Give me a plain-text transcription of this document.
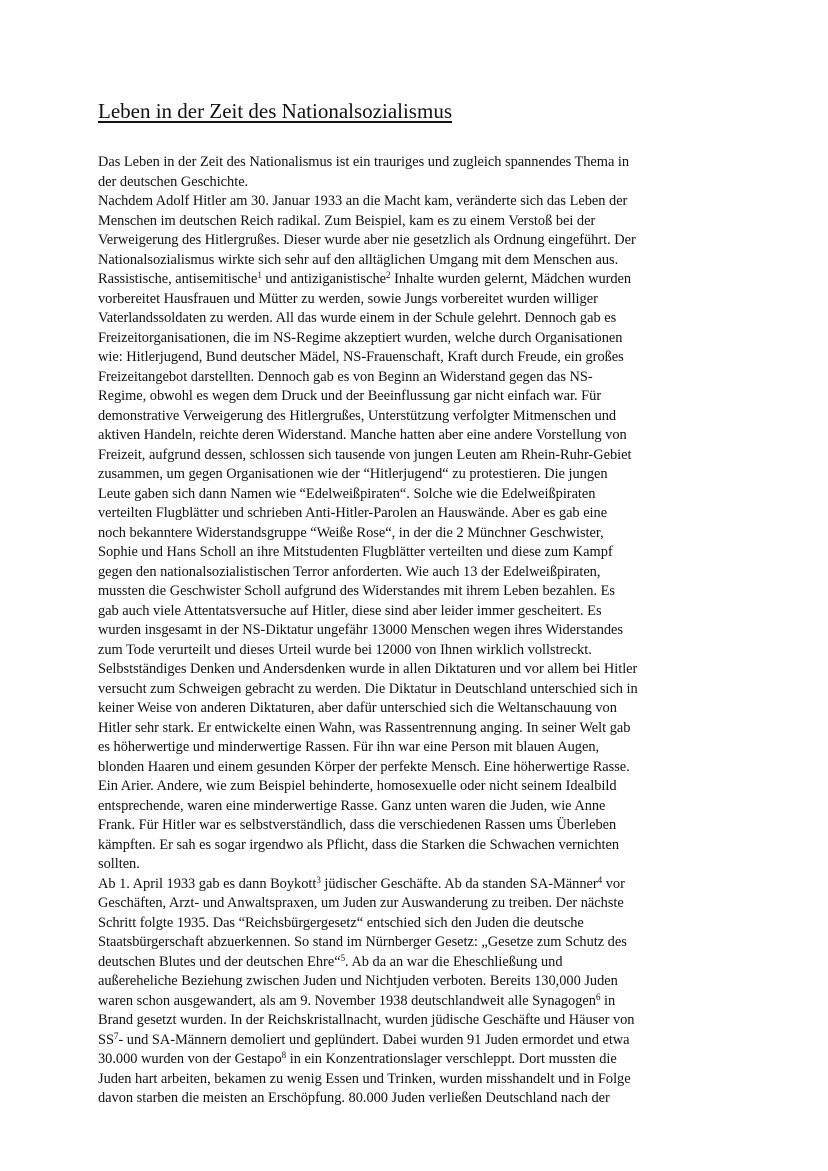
Leben in der Zeit des Nationalsozialismus
Das Leben in der Zeit des Nationalismus ist ein trauriges und zugleich spannendes Thema in
der deutschen Geschichte.
Nachdem Adolf Hitler am 30. Januar 1933 an die Macht kam, veränderte sich das Leben der
Menschen im deutschen Reich radikal. Zum Beispiel, kam es zu einem Verstoß bei der
Verweigerung des Hitlergrußes. Dieser wurde aber nie gesetzlich als Ordnung eingeführt. Der
Nationalsozialismus wirkte sich sehr auf den alltäglichen Umgang mit dem Menschen aus.
Rassistische, antisemitische$^1$ und antiziganistische$^2$ Inhalte wurden gelernt, Mädchen wurden
vorbereitet Hausfrauen und Mütter zu werden, sowie Jungs vorbereitet wurden williger
Vaterlandssoldaten zu werden. All das wurde einem in der Schule gelehrt. Dennoch gab es
Freizeitorganisationen, die im NS-Regime akzeptiert wurden, welche durch Organisationen
wie: Hitlerjugend, Bund deutscher Mädel, NS-Frauenschaft, Kraft durch Freude, ein großes
Freizeitangebot darstellten. Dennoch gab es von Beginn an Widerstand gegen das NS-
Regime, obwohl es wegen dem Druck und der Beeinflussung gar nicht einfach war. Für
demonstrative Verweigerung des Hitlergrußes, Unterstützung verfolgter Mitmenschen und
aktiven Handeln, reichte deren Widerstand. Manche hatten aber eine andere Vorstellung von
Freizeit, aufgrund dessen, schlossen sich tausende von jungen Leuten am Rhein-Ruhr-Gebiet
zusammen, um gegen Organisationen wie der “Hitlerjugend“ zu protestieren. Die jungen
Leute gaben sich dann Namen wie “Edelweißpiraten“. Solche wie die Edelweißpiraten
verteilten Flugblätter und schrieben Anti-Hitler-Parolen an Hauswände. Aber es gab eine
noch bekanntere Widerstandsgruppe “Weiße Rose“, in der die 2 Münchner Geschwister,
Sophie und Hans Scholl an ihre Mitstudenten Flugblätter verteilten und diese zum Kampf
gegen den nationalsozialistischen Terror anforderten. Wie auch 13 der Edelweißpiraten,
mussten die Geschwister Scholl aufgrund des Widerstandes mit ihrem Leben bezahlen. Es
gab auch viele Attentatsversuche auf Hitler, diese sind aber leider immer gescheitert. Es
wurden insgesamt in der NS-Diktatur ungefähr 13000 Menschen wegen ihres Widerstandes
zum Tode verurteilt und dieses Urteil wurde bei 12000 von Ihnen wirklich vollstreckt.
Selbstständiges Denken und Andersdenken wurde in allen Diktaturen und vor allem bei Hitler
versucht zum Schweigen gebracht zu werden. Die Diktatur in Deutschland unterschied sich in
keiner Weise von anderen Diktaturen, aber dafür unterschied sich die Weltanschauung von
Hitler sehr stark. Er entwickelte einen Wahn, was Rassentrennung anging. In seiner Welt gab
es höherwertige und minderwertige Rassen. Für ihn war eine Person mit blauen Augen,
blonden Haaren und einem gesunden Körper der perfekte Mensch. Eine höherwertige Rasse.
Ein Arier. Andere, wie zum Beispiel behinderte, homosexuelle oder nicht seinem Idealbild
entsprechende, waren eine minderwertige Rasse. Ganz unten waren die Juden, wie Anne
Frank. Für Hitler war es selbstverständlich, dass die verschiedenen Rassen ums Überleben
kämpften. Er sah es sogar irgendwo als Pflicht, dass die Starken die Schwachen vernichten
sollten.
Ab 1. April 1933 gab es dann Boykott$^3$ jüdischer Geschäfte. Ab da standen SA-Männer$^4$ vor
Geschäften, Arzt- und Anwaltspraxen, um Juden zur Auswanderung zu treiben. Der nächste
Schritt folgte 1935. Das “Reichsbürgergesetz“ entschied sich den Juden die deutsche
Staatsbürgerschaft abzuerkennen. So stand im Nürnberger Gesetz: „Gesetze zum Schutz des
deutschen Blutes und der deutschen Ehre“$^5$. Ab da an war die Eheschließung und
außereheliche Beziehung zwischen Juden und Nichtjuden verboten. Bereits 130,000 Juden
waren schon ausgewandert, als am 9. November 1938 deutschlandweit alle Synagogen$^6$ in
Brand gesetzt wurden. In der Reichskristallnacht, wurden jüdische Geschäfte und Häuser von
$SS^7-$ und SA-Männern demoliert und geplündert. Dabei wurden 91 Juden ermordet und etwa
30.000 wurden von der Gestapo$^8$ in ein Konzentrationslager verschleppt. Dort mussten die
Juden hart arbeiten, bekamen zu wenig Essen und Trinken, wurden misshandelt und in Folge
davon starben die meisten an Erschöpfung. 80.000 Juden verließen Deutschland nach der
